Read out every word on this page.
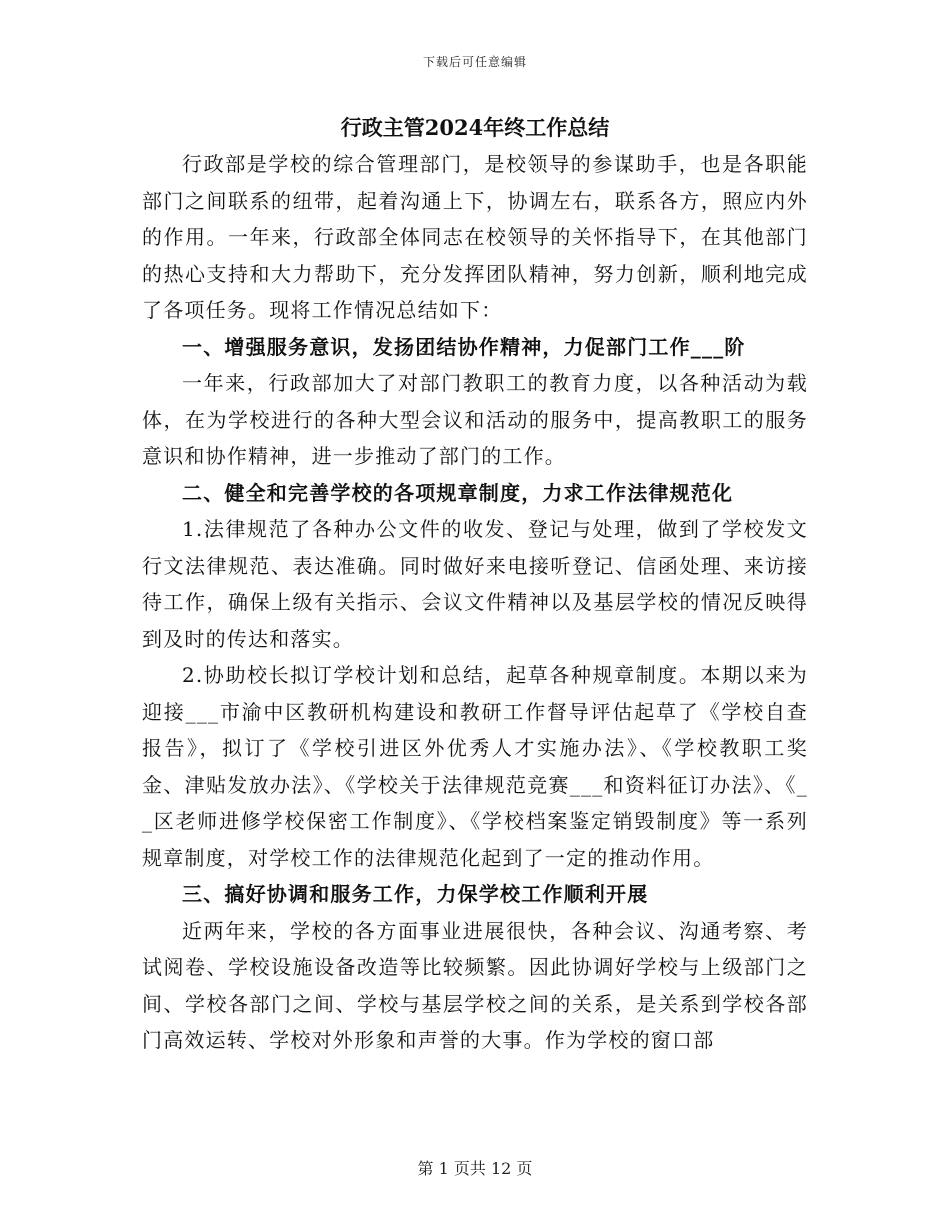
下载后可任意编辑
行政主管2024年终工作总结

行政部是学校的综合管理部门，是校领导的参谋助手，也是各职能部门之间联系的纽带，起着沟通上下，协调左右，联系各方，照应内外的作用。一年来，行政部全体同志在校领导的关怀指导下，在其他部门的热心支持和大力帮助下，充分发挥团队精神，努力创新，顺利地完成了各项任务。现将工作情况总结如下：

一、增强服务意识，发扬团结协作精神，力促部门工作___阶

一年来，行政部加大了对部门教职工的教育力度，以各种活动为载体，在为学校进行的各种大型会议和活动的服务中，提高教职工的服务意识和协作精神，进一步推动了部门的工作。

二、健全和完善学校的各项规章制度，力求工作法律规范化

1.法律规范了各种办公文件的收发、登记与处理，做到了学校发文行文法律规范、表达准确。同时做好来电接听登记、信函处理、来访接待工作，确保上级有关指示、会议文件精神以及基层学校的情况反映得到及时的传达和落实。

2.协助校长拟订学校计划和总结，起草各种规章制度。本期以来为迎接___市渝中区教研机构建设和教研工作督导评估起草了《学校自查报告》，拟订了《学校引进区外优秀人才实施办法》、《学校教职工奖金、津贴发放办法》、《学校关于法律规范竞赛___和资料征订办法》、《__区老师进修学校保密工作制度》、《学校档案鉴定销毁制度》等一系列规章制度，对学校工作的法律规范化起到了一定的推动作用。

三、搞好协调和服务工作，力保学校工作顺利开展

近两年来，学校的各方面事业进展很快，各种会议、沟通考察、考试阅卷、学校设施设备改造等比较频繁。因此协调好学校与上级部门之间、学校各部门之间、学校与基层学校之间的关系，是关系到学校各部门高效运转、学校对外形象和声誉的大事。作为学校的窗口部

第 1 页共 12 页
